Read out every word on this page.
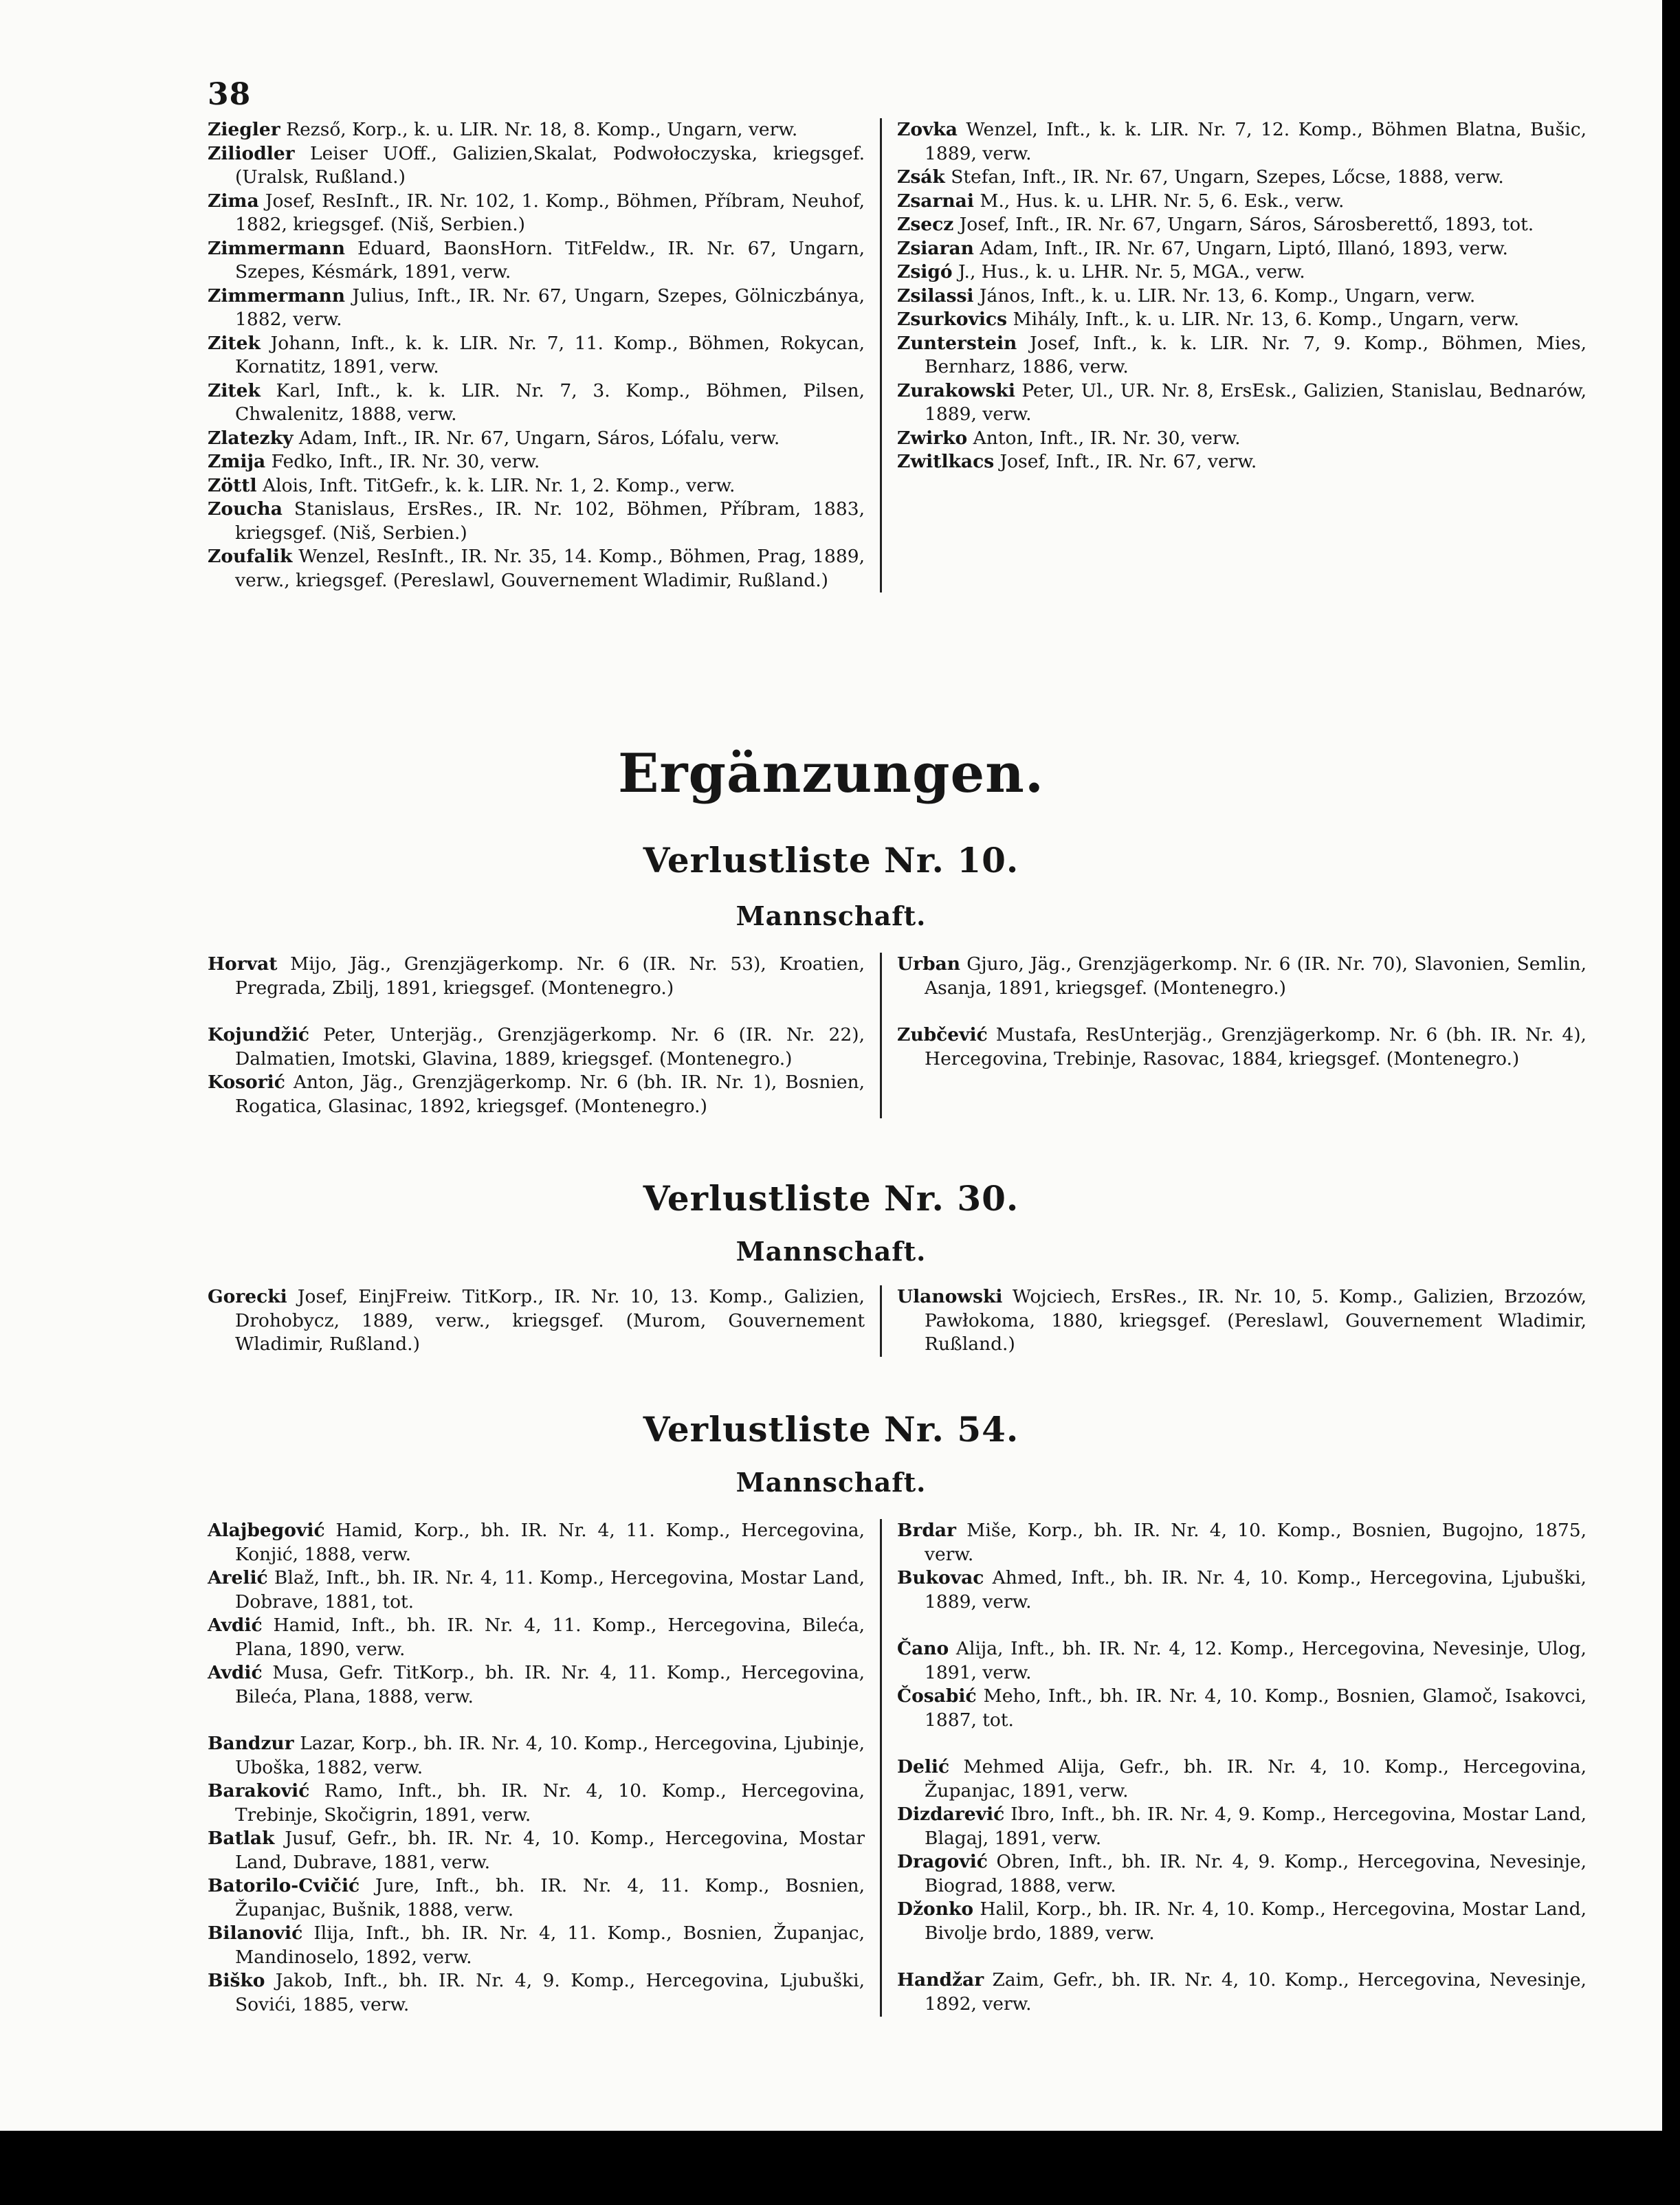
38
Ziegler Rezső, Korp., k. u. LIR. Nr. 18, 8. Komp., Ungarn, verw.
Ziliodler Leiser UOff., Galizien,Skalat, Podwołoczyska, kriegsgef. (Uralsk, Rußland.)
Zima Josef, ResInft., IR. Nr. 102, 1. Komp., Böhmen, Příbram, Neuhof, 1882, kriegsgef. (Niš, Serbien.)
Zimmermann Eduard, BaonsHorn. TitFeldw., IR. Nr. 67, Ungarn, Szepes, Késmárk, 1891, verw.
Zimmermann Julius, Inft., IR. Nr. 67, Ungarn, Szepes, Gölniczbánya, 1882, verw.
Zitek Johann, Inft., k. k. LIR. Nr. 7, 11. Komp., Böhmen, Rokycan, Kornatitz, 1891, verw.
Zitek Karl, Inft., k. k. LIR. Nr. 7, 3. Komp., Böhmen, Pilsen, Chwalenitz, 1888, verw.
Zlatezky Adam, Inft., IR. Nr. 67, Ungarn, Sáros, Lófalu, verw.
Zmija Fedko, Inft., IR. Nr. 30, verw.
Zöttl Alois, Inft. TitGefr., k. k. LIR. Nr. 1, 2. Komp., verw.
Zoucha Stanislaus, ErsRes., IR. Nr. 102, Böhmen, Příbram, 1883, kriegsgef. (Niš, Serbien.)
Zoufalik Wenzel, ResInft., IR. Nr. 35, 14. Komp., Böhmen, Prag, 1889, verw., kriegsgef. (Pereslawl, Gouvernement Wladimir, Rußland.)
Zovka Wenzel, Inft., k. k. LIR. Nr. 7, 12. Komp., Böhmen Blatna, Bušic, 1889, verw.
Zsák Stefan, Inft., IR. Nr. 67, Ungarn, Szepes, Lőcse, 1888, verw.
Zsarnai M., Hus. k. u. LHR. Nr. 5, 6. Esk., verw.
Zsecz Josef, Inft., IR. Nr. 67, Ungarn, Sáros, Sárosberettő, 1893, tot.
Zsiaran Adam, Inft., IR. Nr. 67, Ungarn, Liptó, Illanó, 1893, verw.
Zsigó J., Hus., k. u. LHR. Nr. 5, MGA., verw.
Zsilassi János, Inft., k. u. LIR. Nr. 13, 6. Komp., Ungarn, verw.
Zsurkovics Mihály, Inft., k. u. LIR. Nr. 13, 6. Komp., Ungarn, verw.
Zunterstein Josef, Inft., k. k. LIR. Nr. 7, 9. Komp., Böhmen, Mies, Bernharz, 1886, verw.
Zurakowski Peter, Ul., UR. Nr. 8, ErsEsk., Galizien, Stanislau, Bednarów, 1889, verw.
Zwirko Anton, Inft., IR. Nr. 30, verw.
Zwitlkacs Josef, Inft., IR. Nr. 67, verw.
Ergänzungen.
Verlustliste Nr. 10.
Mannschaft.
Horvat Mijo, Jäg., Grenzjägerkomp. Nr. 6 (IR. Nr. 53), Kroatien, Pregrada, Zbilj, 1891, kriegsgef. (Montenegro.)
Kojundžić Peter, Unterjäg., Grenzjägerkomp. Nr. 6 (IR. Nr. 22), Dalmatien, Imotski, Glavina, 1889, kriegsgef. (Montenegro.)
Kosorić Anton, Jäg., Grenzjägerkomp. Nr. 6 (bh. IR. Nr. 1), Bosnien, Rogatica, Glasinac, 1892, kriegsgef. (Montenegro.)
Urban Gjuro, Jäg., Grenzjägerkomp. Nr. 6 (IR. Nr. 70), Slavonien, Semlin, Asanja, 1891, kriegsgef. (Montenegro.)
Zubčević Mustafa, ResUnterjäg., Grenzjägerkomp. Nr. 6 (bh. IR. Nr. 4), Hercegovina, Trebinje, Rasovac, 1884, kriegsgef. (Montenegro.)
Verlustliste Nr. 30.
Mannschaft.
Gorecki Josef, EinjFreiw. TitKorp., IR. Nr. 10, 13. Komp., Galizien, Drohobycz, 1889, verw., kriegsgef. (Murom, Gouvernement Wladimir, Rußland.)
Ulanowski Wojciech, ErsRes., IR. Nr. 10, 5. Komp., Galizien, Brzozów, Pawłokoma, 1880, kriegsgef. (Pereslawl, Gouvernement Wladimir, Rußland.)
Verlustliste Nr. 54.
Mannschaft.
Alajbegović Hamid, Korp., bh. IR. Nr. 4, 11. Komp., Hercegovina, Konjić, 1888, verw.
Arelić Blaž, Inft., bh. IR. Nr. 4, 11. Komp., Hercegovina, Mostar Land, Dobrave, 1881, tot.
Avdić Hamid, Inft., bh. IR. Nr. 4, 11. Komp., Hercegovina, Bileća, Plana, 1890, verw.
Avdić Musa, Gefr. TitKorp., bh. IR. Nr. 4, 11. Komp., Hercegovina, Bileća, Plana, 1888, verw.
Bandzur Lazar, Korp., bh. IR. Nr. 4, 10. Komp., Hercegovina, Ljubinje, Uboška, 1882, verw.
Baraković Ramo, Inft., bh. IR. Nr. 4, 10. Komp., Hercegovina, Trebinje, Skočigrin, 1891, verw.
Batlak Jusuf, Gefr., bh. IR. Nr. 4, 10. Komp., Hercegovina, Mostar Land, Dubrave, 1881, verw.
Batorilo-Cvičić Jure, Inft., bh. IR. Nr. 4, 11. Komp., Bosnien, Županjac, Bušnik, 1888, verw.
Bilanović Ilija, Inft., bh. IR. Nr. 4, 11. Komp., Bosnien, Županjac, Mandinoselo, 1892, verw.
Biško Jakob, Inft., bh. IR. Nr. 4, 9. Komp., Hercegovina, Ljubuški, Sovići, 1885, verw.
Brdar Miše, Korp., bh. IR. Nr. 4, 10. Komp., Bosnien, Bugojno, 1875, verw.
Bukovac Ahmed, Inft., bh. IR. Nr. 4, 10. Komp., Hercegovina, Ljubuški, 1889, verw.
Čano Alija, Inft., bh. IR. Nr. 4, 12. Komp., Hercegovina, Nevesinje, Ulog, 1891, verw.
Čosabić Meho, Inft., bh. IR. Nr. 4, 10. Komp., Bosnien, Glamoč, Isakovci, 1887, tot.
Delić Mehmed Alija, Gefr., bh. IR. Nr. 4, 10. Komp., Hercegovina, Županjac, 1891, verw.
Dizdarević Ibro, Inft., bh. IR. Nr. 4, 9. Komp., Hercegovina, Mostar Land, Blagaj, 1891, verw.
Dragović Obren, Inft., bh. IR. Nr. 4, 9. Komp., Hercegovina, Nevesinje, Biograd, 1888, verw.
Džonko Halil, Korp., bh. IR. Nr. 4, 10. Komp., Hercegovina, Mostar Land, Bivolje brdo, 1889, verw.
Handžar Zaim, Gefr., bh. IR. Nr. 4, 10. Komp., Hercegovina, Nevesinje, 1892, verw.
